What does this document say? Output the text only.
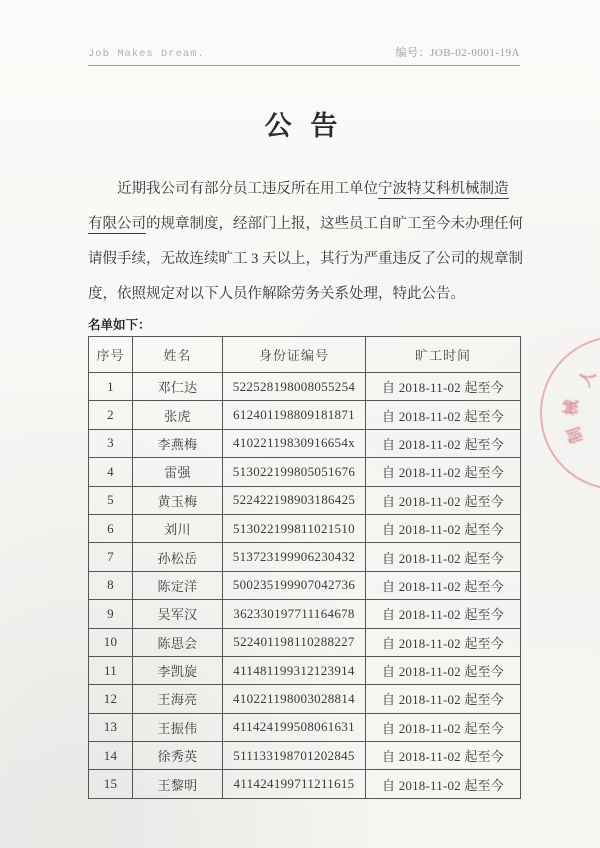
Job Makes Dream.	编号：JOB-02-0001-19A
公 告
近期我公司有部分员工违反所在用工单位宁波特艾科机械制造
有限公司的规章制度，经部门上报，这些员工自旷工至今未办理任何
请假手续，无故连续旷工 3 天以上，其行为严重违反了公司的规章制
度，依照规定对以下人员作解除劳务关系处理，特此公告。
名单如下：
序号	姓名	身份证编号	旷工时间
1	邓仁达	522528198008055254	自 2018-11-02 起至今
2	张虎	612401198809181871	自 2018-11-02 起至今
3	李燕梅	41022119830916654x	自 2018-11-02 起至今
4	雷强	513022199805051676	自 2018-11-02 起至今
5	黄玉梅	522422198903186425	自 2018-11-02 起至今
6	刘川	513022199811021510	自 2018-11-02 起至今
7	孙松岳	513723199906230432	自 2018-11-02 起至今
8	陈定洋	500235199907042736	自 2018-11-02 起至今
9	吴军汉	362330197711164678	自 2018-11-02 起至今
10	陈思会	522401198110288227	自 2018-11-02 起至今
11	李凯旋	411481199312123914	自 2018-11-02 起至今
12	王海亮	410221198003028814	自 2018-11-02 起至今
13	王振伟	411424199508061631	自 2018-11-02 起至今
14	徐秀英	511133198701202845	自 2018-11-02 起至今
15	王黎明	411424199711211615	自 2018-11-02 起至今
人
械
制
